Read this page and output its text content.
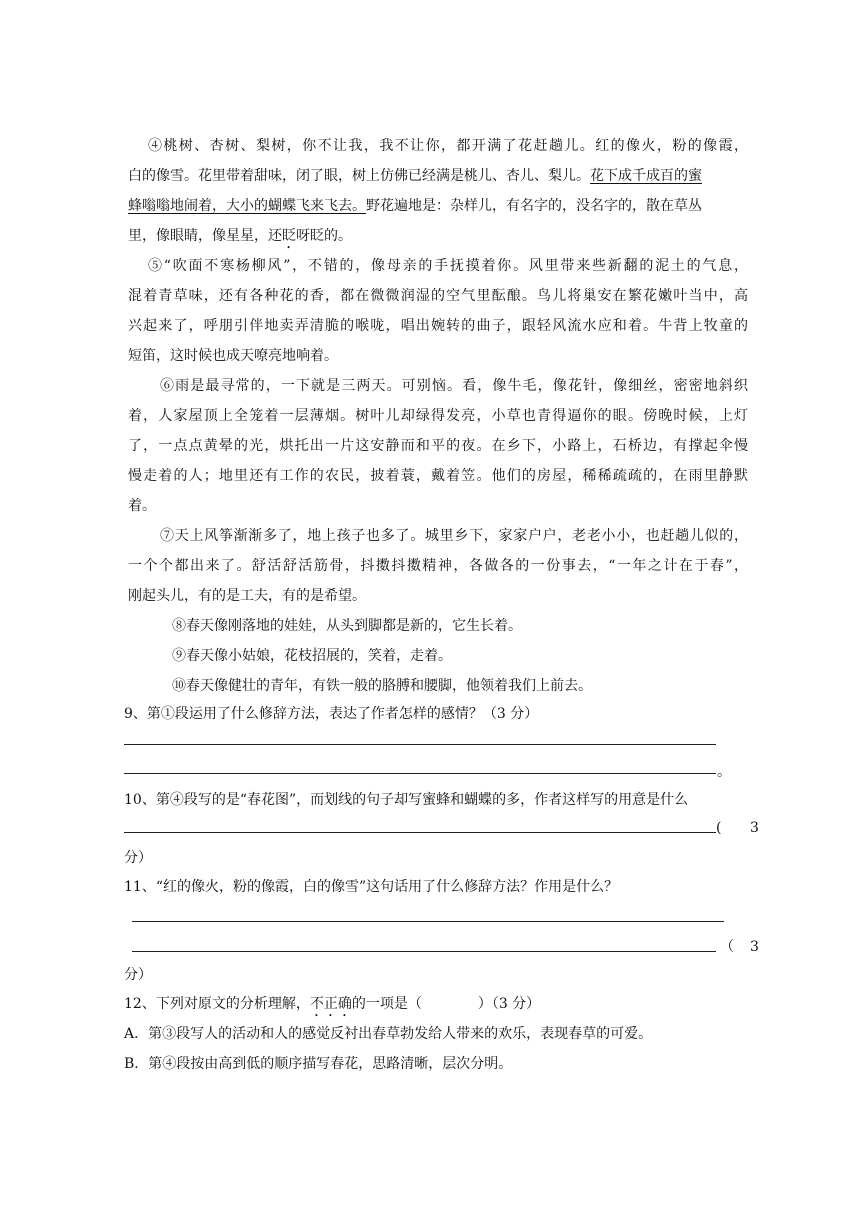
④桃树、杏树、梨树，你不让我，我不让你，都开满了花赶趟儿。红的像火，粉的像霞，
白的像雪。花里带着甜味，闭了眼，树上仿佛已经满是桃儿、杏儿、梨儿。花下成千成百的蜜
蜂嗡嗡地闹着，大小的蝴蝶飞来飞去。野花遍地是：杂样儿，有名字的，没名字的，散在草丛
里，像眼睛，像星星，还眨呀眨的。
⑤“吹面不寒杨柳风”，不错的，像母亲的手抚摸着你。风里带来些新翻的泥土的气息，
混着青草味，还有各种花的香，都在微微润湿的空气里酝酿。鸟儿将巢安在繁花嫩叶当中，高
兴起来了，呼朋引伴地卖弄清脆的喉咙，唱出婉转的曲子，跟轻风流水应和着。牛背上牧童的
短笛，这时候也成天嘹亮地响着。
⑥雨是最寻常的，一下就是三两天。可别恼。看，像牛毛，像花针，像细丝，密密地斜织
着，人家屋顶上全笼着一层薄烟。树叶儿却绿得发亮，小草也青得逼你的眼。傍晚时候，上灯
了，一点点黄晕的光，烘托出一片这安静而和平的夜。在乡下，小路上，石桥边，有撑起伞慢
慢走着的人；地里还有工作的农民，披着蓑，戴着笠。他们的房屋，稀稀疏疏的，在雨里静默
着。
⑦天上风筝渐渐多了，地上孩子也多了。城里乡下，家家户户，老老小小，也赶趟儿似的，
一个个都出来了。舒活舒活筋骨，抖擞抖擞精神，各做各的一份事去，“一年之计在于春”，
刚起头儿，有的是工夫，有的是希望。
⑧春天像刚落地的娃娃，从头到脚都是新的，它生长着。
⑨春天像小姑娘，花枝招展的，笑着，走着。
⑩春天像健壮的青年，有铁一般的胳膊和腰脚，他领着我们上前去。
9、第①段运用了什么修辞方法，表达了作者怎样的感情？（3 分）
。
10、第④段写的是“春花图”，而划线的句子却写蜜蜂和蝴蝶的多，作者这样写的用意是什么
( 3
分）
11、“红的像火，粉的像霞，白的像雪”这句话用了什么修辞方法？作用是什么？
（ 3
分）
12、下列对原文的分析理解，不正确的一项是（	）（3 分）
A．第③段写人的活动和人的感觉反衬出春草勃发给人带来的欢乐，表现春草的可爱。
B．第④段按由高到低的顺序描写春花，思路清晰，层次分明。
